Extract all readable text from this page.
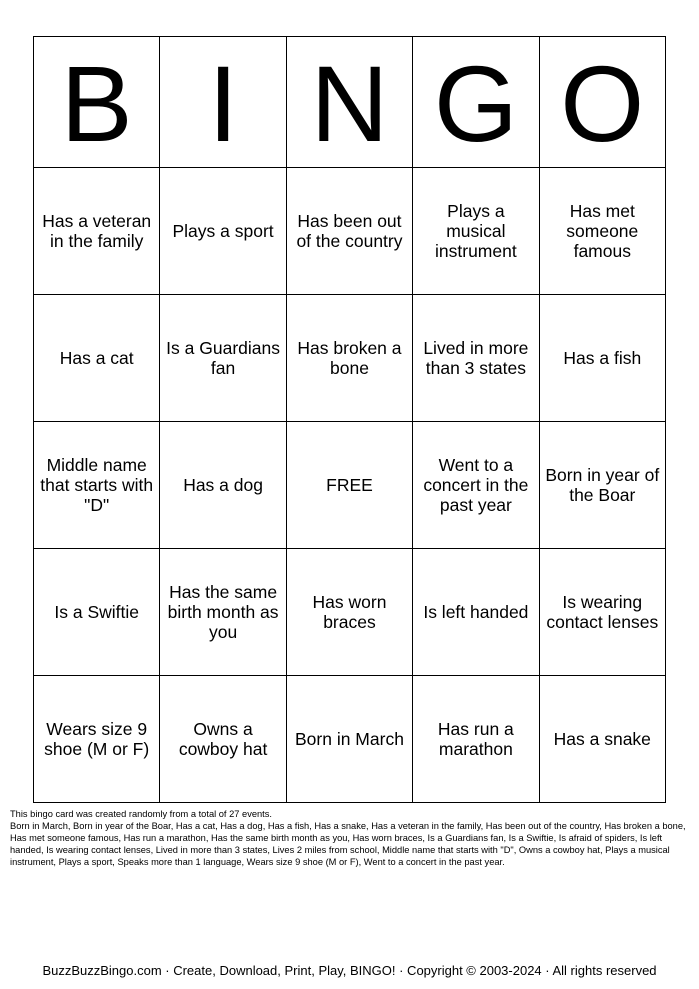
B	I	N	G	O
Has a veteran in the family	Plays a sport	Has been out of the country	Plays a musical instrument	Has met someone famous
Has a cat	Is a Guardians fan	Has broken a bone	Lived in more than 3 states	Has a fish
Middle name that starts with "D"	Has a dog	FREE	Went to a concert in the past year	Born in year of the Boar
Is a Swiftie	Has the same birth month as you	Has worn braces	Is left handed	Is wearing contact lenses
Wears size 9 shoe (M or F)	Owns a cowboy hat	Born in March	Has run a marathon	Has a snake

This bingo card was created randomly from a total of 27 events.

Born in March, Born in year of the Boar, Has a cat, Has a dog, Has a fish, Has a snake, Has a veteran in the family, Has been out of the country, Has broken a bone, Has met someone famous, Has run a marathon, Has the same birth month as you, Has worn braces, Is a Guardians fan, Is a Swiftie, Is afraid of spiders, Is left handed, Is wearing contact lenses, Lived in more than 3 states, Lives 2 miles from school, Middle name that starts with "D", Owns a cowboy hat, Plays a musical instrument, Plays a sport, Speaks more than 1 language, Wears size 9 shoe (M or F), Went to a concert in the past year.

BuzzBuzzBingo.com · Create, Download, Print, Play, BINGO! · Copyright © 2003-2024 · All rights reserved
